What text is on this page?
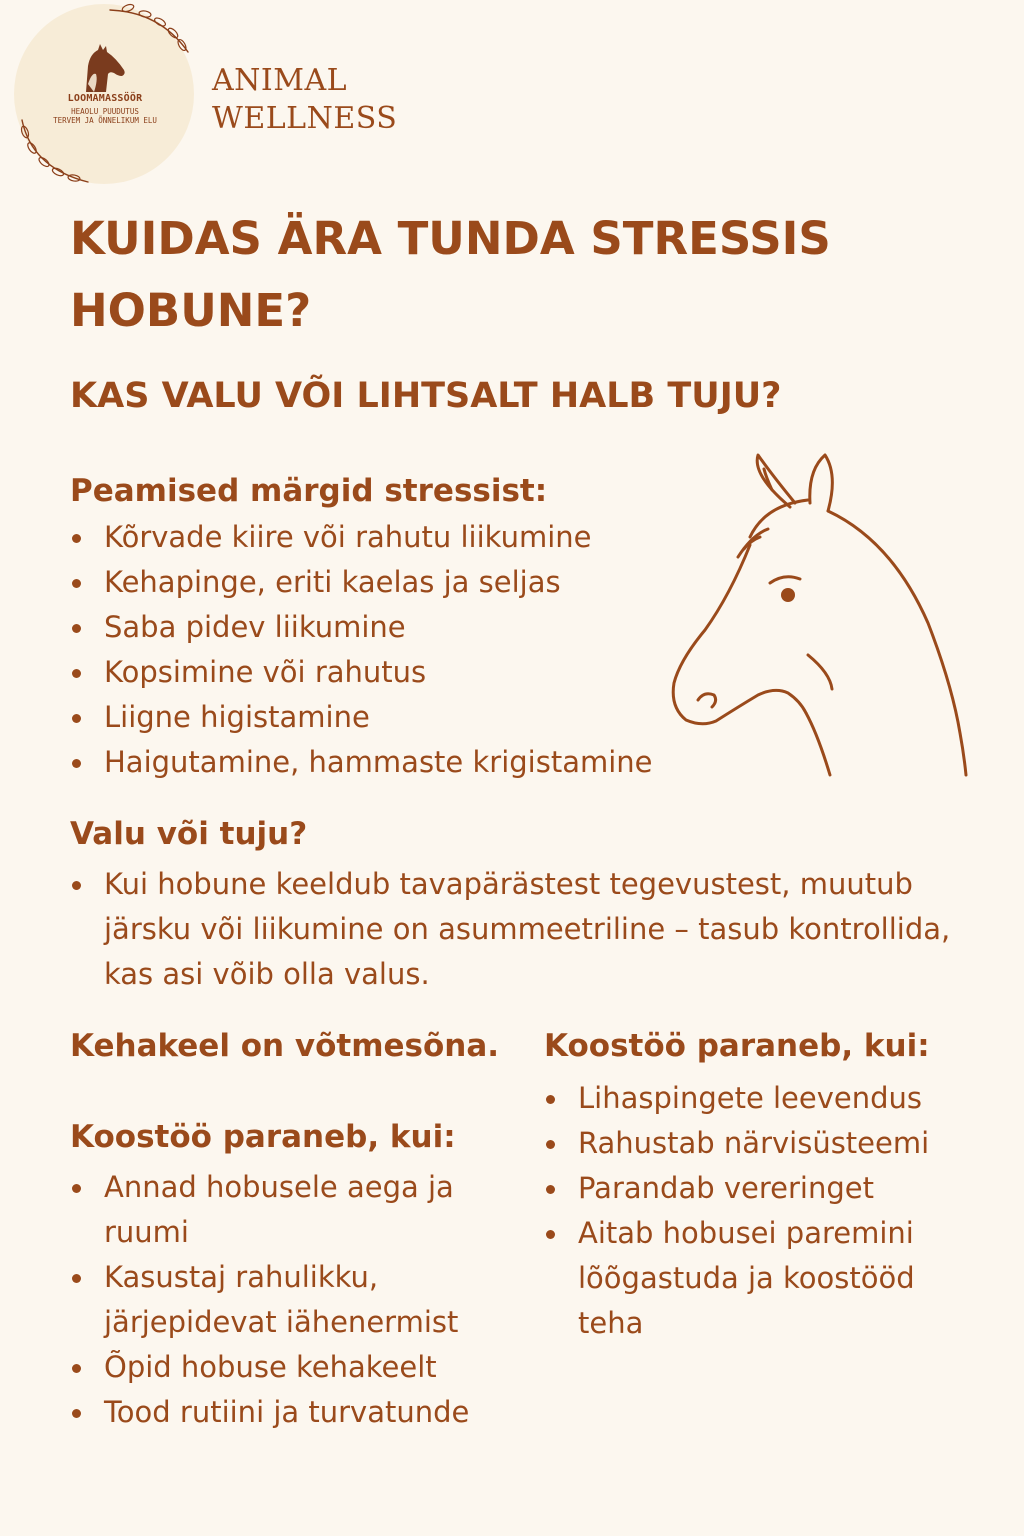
LOOMAMASSÖÖR
HEAOLU PUUDUTUS
TERVEM JA ÕNNELIKUM ELU
ANIMAL
WELLNESS
KUIDAS ÄRA TUNDA STRESSIS HOBUNE?
KAS VALU VÕI LIHTSALT HALB TUJU?
Peamised märgid stressist:
Kõrvade kiire või rahutu liikumine
Kehapinge, eriti kaelas ja seljas
Saba pidev liikumine
Kopsimine või rahutus
Liigne higistamine
Haigutamine, hammaste krigistamine
Valu või tuju?
Kui hobune keeldub tavapärästest tegevustest, muutub järsku või liikumine on asummeetriline – tasub kontrollida, kas asi võib olla valus.
Kehakeel on võtmesõna.
Koostöö paraneb, kui:
Annad hobusele aega ja ruumi
Kasustaj rahulikku, järjepidevat iähenermist
Õpid hobuse kehakeelt
Tood rutiini ja turvatunde
Koostöö paraneb, kui:
Lihaspingete leevendus
Rahustab närvisüsteemi
Parandab vereringet
Aitab hobusei paremini lõõgastuda ja koostööd teha
